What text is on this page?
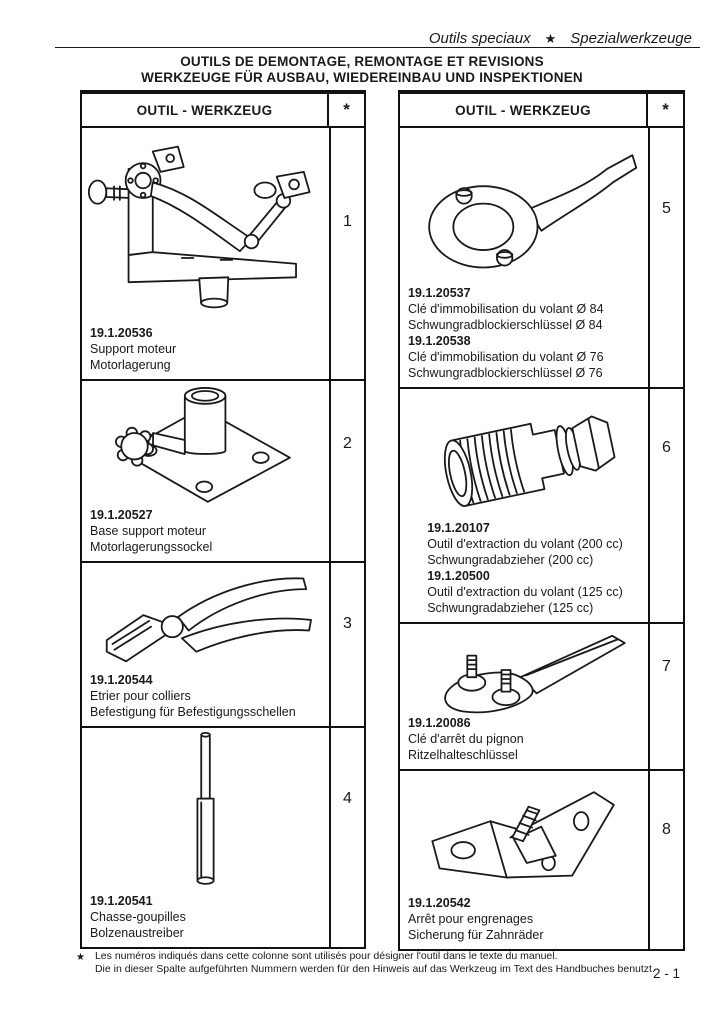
Outils speciaux ★ Spezialwerkzeuge
OUTILS DE DEMONTAGE, REMONTAGE ET REVISIONS
WERKZEUGE FÜR AUSBAU, WIEDEREINBAU UND INSPEKTIONEN
OUTIL - WERKZEUG	*
19.1.20536
Support moteur
Motorlagerung
1
19.1.20527
Base support moteur
Motorlagerungssockel
2
19.1.20544
Etrier pour colliers
Befestigung für Befestigungsschellen
3
19.1.20541
Chasse-goupilles
Bolzenaustreiber
4
OUTIL - WERKZEUG	*
19.1.20537
Clé d'immobilisation du volant Ø 84
Schwungradblockierschlüssel Ø 84
19.1.20538
Clé d'immobilisation du volant Ø 76
Schwungradblockierschlüssel Ø 76
5
19.1.20107
Outil d'extraction du volant (200 cc)
Schwungradabzieher (200 cc)
19.1.20500
Outil d'extraction du volant (125 cc)
Schwungradabzieher (125 cc)
6
19.1.20086
Clé d'arrêt du pignon
Ritzelhalteschlüssel
7
19.1.20542
Arrêt pour engrenages
Sicherung für Zahnräder
8
★ Les numéros indiqués dans cette colonne sont utilisés pour désigner l'outil dans le texte du manuel.
Die in dieser Spalte aufgeführten Nummern werden für den Hinweis auf das Werkzeug im Text des Handbuches benutzt.
2 - 1
